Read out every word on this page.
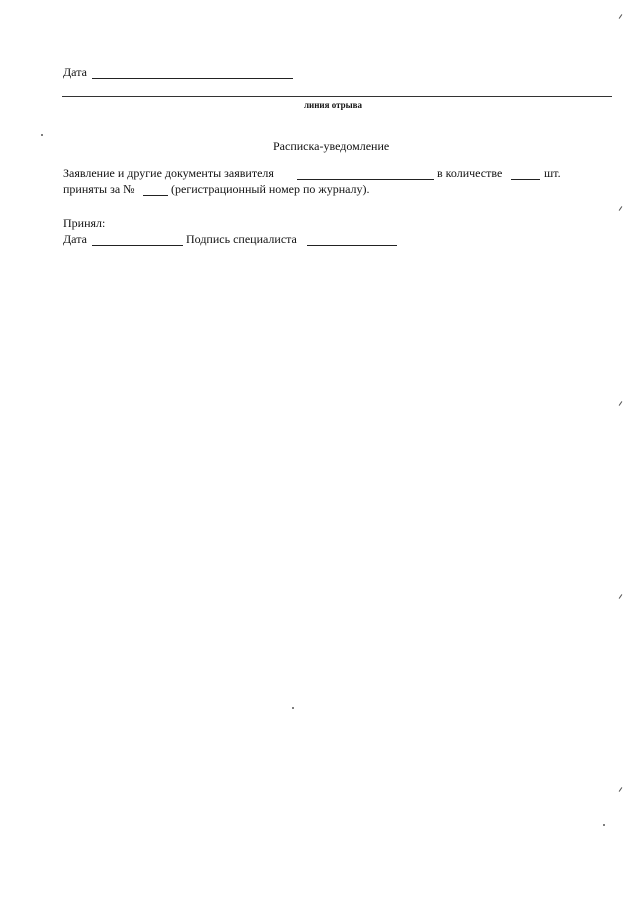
Дата
линия отрыва
Расписка-уведомление
Заявление и другие документы заявителя	в количестве	шт.
приняты за №	(регистрационный номер по журналу).
Принял:
Дата	Подпись специалиста
